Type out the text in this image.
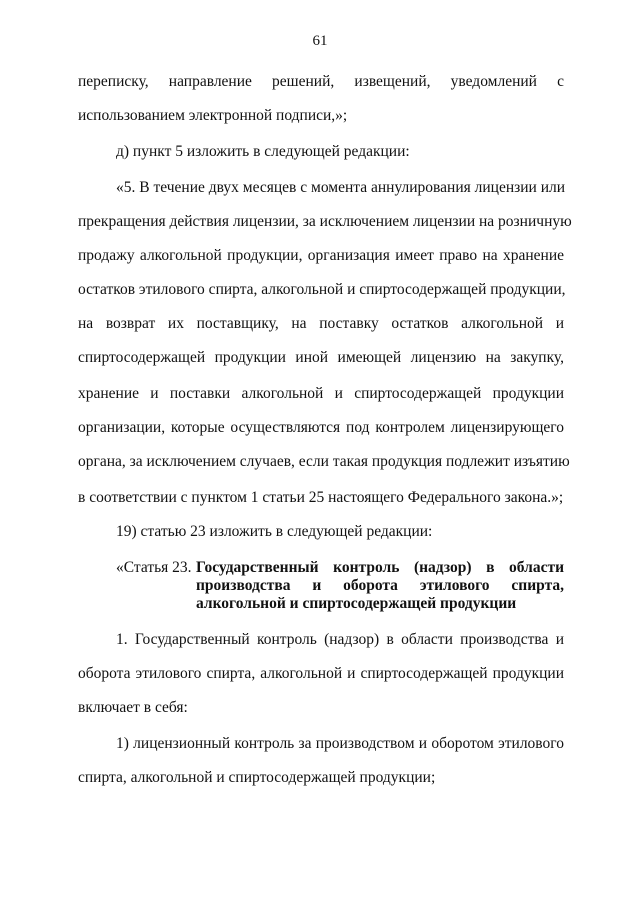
61
переписку, направление решений, извещений, уведомлений с
использованием электронной подписи,»;
д) пункт 5 изложить в следующей редакции:
«5. В течение двух месяцев с момента аннулирования лицензии или
прекращения действия лицензии, за исключением лицензии на розничную
продажу алкогольной продукции, организация имеет право на хранение
остатков этилового спирта, алкогольной и спиртосодержащей продукции,
на возврат их поставщику, на поставку остатков алкогольной и
спиртосодержащей продукции иной имеющей лицензию на закупку,
хранение и поставки алкогольной и спиртосодержащей продукции
организации, которые осуществляются под контролем лицензирующего
органа, за исключением случаев, если такая продукция подлежит изъятию
в соответствии с пунктом 1 статьи 25 настоящего Федерального закона.»;
19) статью 23 изложить в следующей редакции:
«Статья 23. Государственный контроль (надзор) в области
производства и оборота этилового спирта,
алкогольной и спиртосодержащей продукции
1. Государственный контроль (надзор) в области производства и
оборота этилового спирта, алкогольной и спиртосодержащей продукции
включает в себя:
1) лицензионный контроль за производством и оборотом этилового
спирта, алкогольной и спиртосодержащей продукции;
